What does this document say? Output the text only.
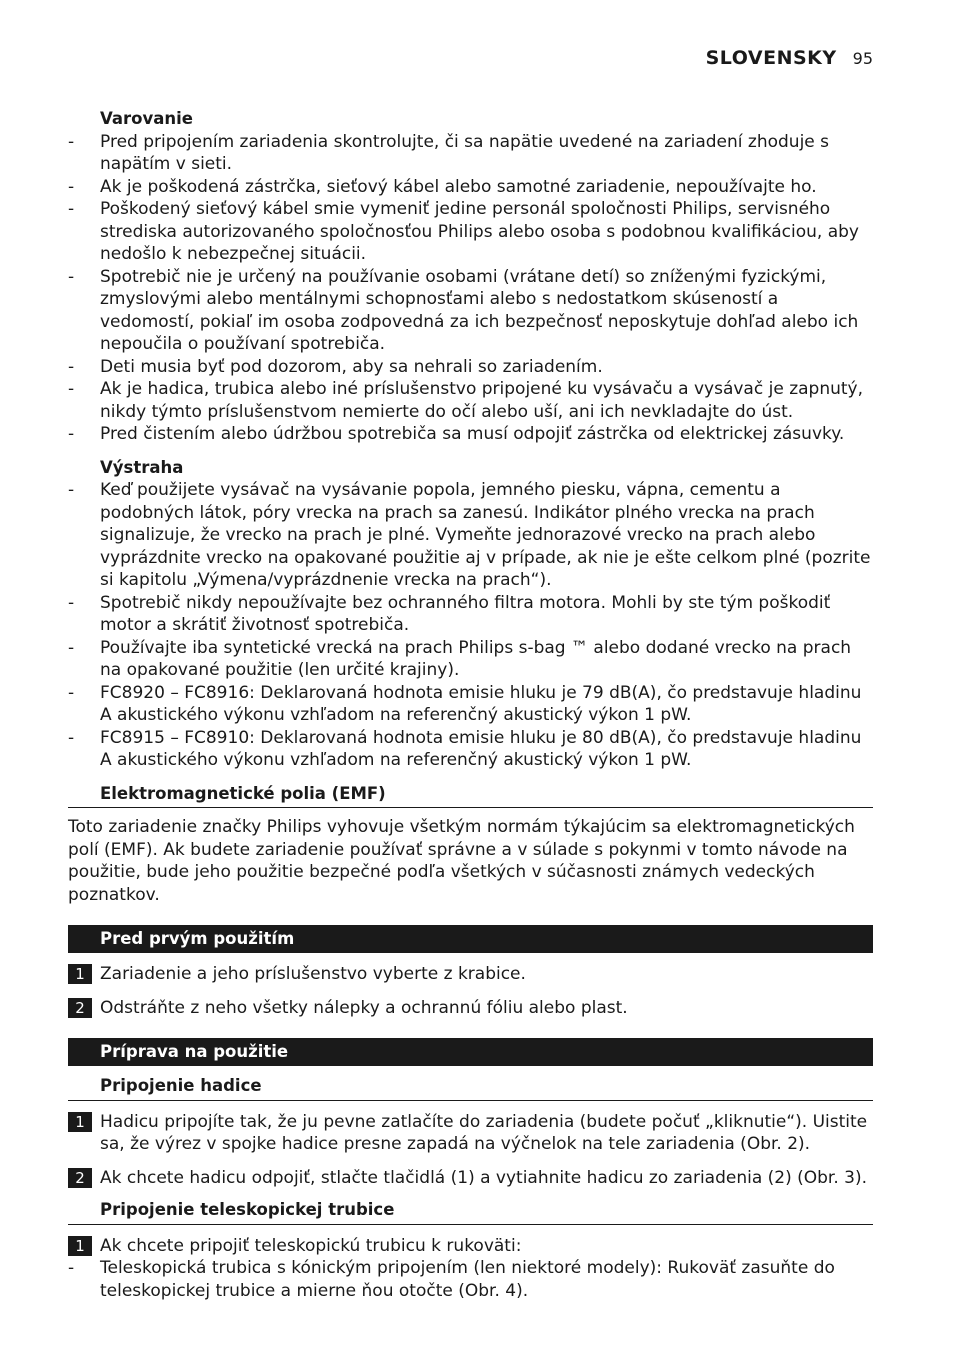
SLOVENSKY 95
Varovanie
-	Pred pripojením zariadenia skontrolujte, či sa napätie uvedené na zariadení zhoduje s napätím v sieti.
-	Ak je poškodená zástrčka, sieťový kábel alebo samotné zariadenie, nepoužívajte ho.
-	Poškodený sieťový kábel smie vymeniť jedine personál spoločnosti Philips, servisného strediska autorizovaného spoločnosťou Philips alebo osoba s podobnou kvalifikáciou, aby nedošlo k nebezpečnej situácii.
-	Spotrebič nie je určený na používanie osobami (vrátane detí) so zníženými fyzickými, zmyslovými alebo mentálnymi schopnosťami alebo s nedostatkom skúseností a vedomostí, pokiaľ im osoba zodpovedná za ich bezpečnosť neposkytuje dohľad alebo ich nepoučila o používaní spotrebiča.
-	Deti musia byť pod dozorom, aby sa nehrali so zariadením.
-	Ak je hadica, trubica alebo iné príslušenstvo pripojené ku vysávaču a vysávač je zapnutý, nikdy týmto príslušenstvom nemierte do očí alebo uší, ani ich nevkladajte do úst.
-	Pred čistením alebo údržbou spotrebiča sa musí odpojiť zástrčka od elektrickej zásuvky.
Výstraha
-	Keď použijete vysávač na vysávanie popola, jemného piesku, vápna, cementu a podobných látok, póry vrecka na prach sa zanesú. Indikátor plného vrecka na prach signalizuje, že vrecko na prach je plné. Vymeňte jednorazové vrecko na prach alebo vyprázdnite vrecko na opakované použitie aj v prípade, ak nie je ešte celkom plné (pozrite si kapitolu „Výmena/vyprázdnenie vrecka na prach“).
-	Spotrebič nikdy nepoužívajte bez ochranného filtra motora. Mohli by ste tým poškodiť motor a skrátiť životnosť spotrebiča.
-	Používajte iba syntetické vrecká na prach Philips s-bag ™ alebo dodané vrecko na prach na opakované použitie (len určité krajiny).
-	FC8920 – FC8916: Deklarovaná hodnota emisie hluku je 79 dB(A), čo predstavuje hladinu A akustického výkonu vzhľadom na referenčný akustický výkon 1 pW.
-	FC8915 – FC8910: Deklarovaná hodnota emisie hluku je 80 dB(A), čo predstavuje hladinu A akustického výkonu vzhľadom na referenčný akustický výkon 1 pW.
Elektromagnetické polia (EMF)
Toto zariadenie značky Philips vyhovuje všetkým normám týkajúcim sa elektromagnetických polí (EMF). Ak budete zariadenie používať správne a v súlade s pokynmi v tomto návode na použitie, bude jeho použitie bezpečné podľa všetkých v súčasnosti známych vedeckých poznatkov.
Pred prvým použitím
1 Zariadenie a jeho príslušenstvo vyberte z krabice.
2 Odstráňte z neho všetky nálepky a ochrannú fóliu alebo plast.
Príprava na použitie
Pripojenie hadice
1 Hadicu pripojíte tak, že ju pevne zatlačíte do zariadenia (budete počuť „kliknutie“). Uistite sa, že výrez v spojke hadice presne zapadá na výčnelok na tele zariadenia (Obr. 2).
2 Ak chcete hadicu odpojiť, stlačte tlačidlá (1) a vytiahnite hadicu zo zariadenia (2) (Obr. 3).
Pripojenie teleskopickej trubice
1 Ak chcete pripojiť teleskopickú trubicu k rukoväti:
-	Teleskopická trubica s kónickým pripojením (len niektoré modely): Rukoväť zasuňte do teleskopickej trubice a mierne ňou otočte (Obr. 4).
